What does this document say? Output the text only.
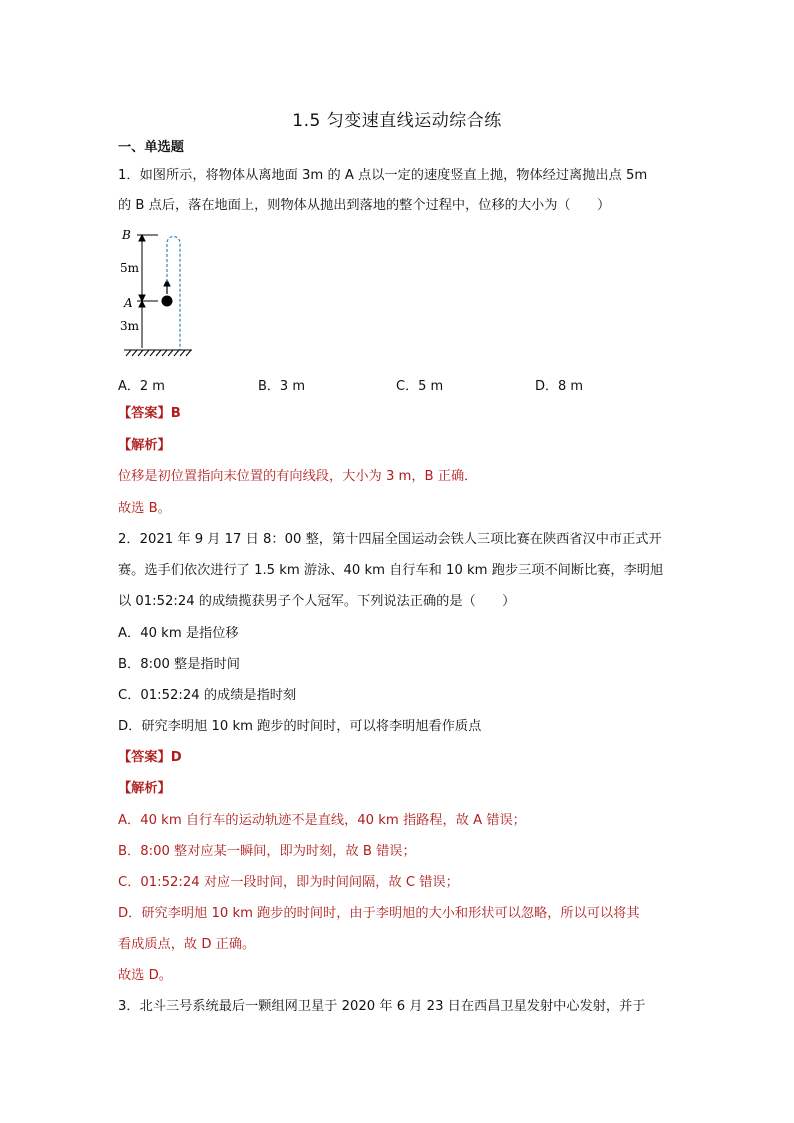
1.5 匀变速直线运动综合练
一、单选题
1．如图所示，将物体从离地面 3m 的 A 点以一定的速度竖直上抛，物体经过离抛出点 5m
的 B 点后，落在地面上，则物体从抛出到落地的整个过程中，位移的大小为（　　）
B
5m
A
3m
A．2 m	B．3 m	C．5 m	D．8 m
【答案】B
【解析】
位移是初位置指向末位置的有向线段，大小为 3 m，B 正确．
故选 B。
2．2021 年 9 月 17 日 8：00 整，第十四届全国运动会铁人三项比赛在陕西省汉中市正式开
赛。选手们依次进行了 1.5 km 游泳、40 km 自行车和 10 km 跑步三项不间断比赛，李明旭
以 01:52:24 的成绩揽获男子个人冠军。下列说法正确的是（　　）
A．40 km 是指位移
B．8:00 整是指时间
C．01:52:24 的成绩是指时刻
D．研究李明旭 10 km 跑步的时间时，可以将李明旭看作质点
【答案】D
【解析】
A．40 km 自行车的运动轨迹不是直线，40 km 指路程，故 A 错误；
B．8:00 整对应某一瞬间，即为时刻，故 B 错误；
C．01:52:24 对应一段时间，即为时间间隔，故 C 错误；
D．研究李明旭 10 km 跑步的时间时，由于李明旭的大小和形状可以忽略，所以可以将其
看成质点，故 D 正确。
故选 D。
3．北斗三号系统最后一颗组网卫星于 2020 年 6 月 23 日在西昌卫星发射中心发射，并于
